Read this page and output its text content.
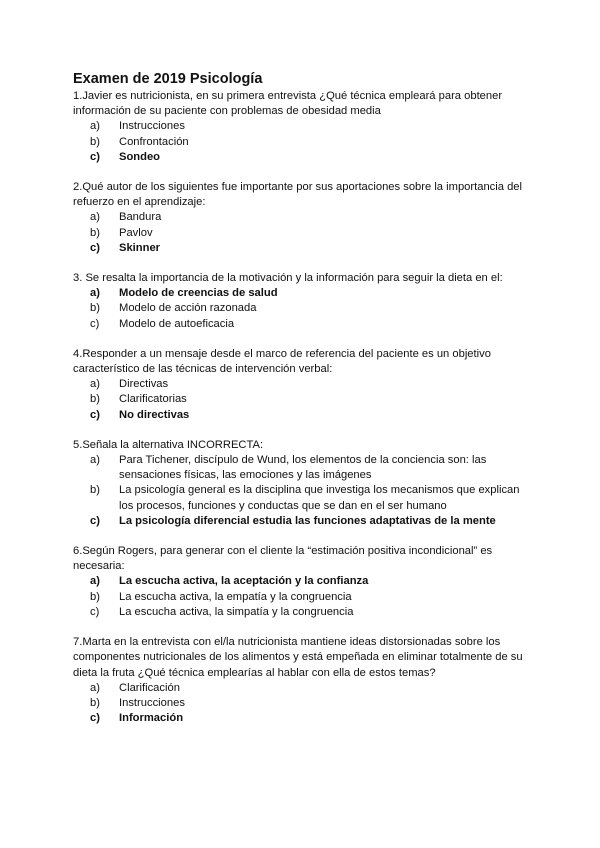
Examen de 2019 Psicología

1.Javier es nutricionista, en su primera entrevista ¿Qué técnica empleará para obtener información de su paciente con problemas de obesidad media

a)	Instrucciones
b)	Confrontación
c)	Sondeo

2.Qué autor de los siguientes fue importante por sus aportaciones sobre la importancia del refuerzo en el aprendizaje:

a)	Bandura
b)	Pavlov
c)	Skinner

3. Se resalta la importancia de la motivación y la información para seguir la dieta en el:

a)	Modelo de creencias de salud
b)	Modelo de acción razonada
c)	Modelo de autoeficacia

4.Responder a un mensaje desde el marco de referencia del paciente es un objetivo característico de las técnicas de intervención verbal:

a)	Directivas
b)	Clarificatorias
c)	No directivas

5.Señala la alternativa INCORRECTA:

a)	Para Tichener, discípulo de Wund, los elementos de la conciencia son: las sensaciones físicas, las emociones y las imágenes
b)	La psicología general es la disciplina que investiga los mecanismos que explican los procesos, funciones y conductas que se dan en el ser humano
c)	La psicología diferencial estudia las funciones adaptativas de la mente

6.Según Rogers, para generar con el cliente la “estimación positiva incondicional” es necesaria:

a)	La escucha activa, la aceptación y la confianza
b)	La escucha activa, la empatía y la congruencia
c)	La escucha activa, la simpatía y la congruencia

7.Marta en la entrevista con el/la nutricionista mantiene ideas distorsionadas sobre los componentes nutricionales de los alimentos y está empeñada en eliminar totalmente de su dieta la fruta ¿Qué técnica emplearías al hablar con ella de estos temas?

a)	Clarificación
b)	Instrucciones
c)	Información
